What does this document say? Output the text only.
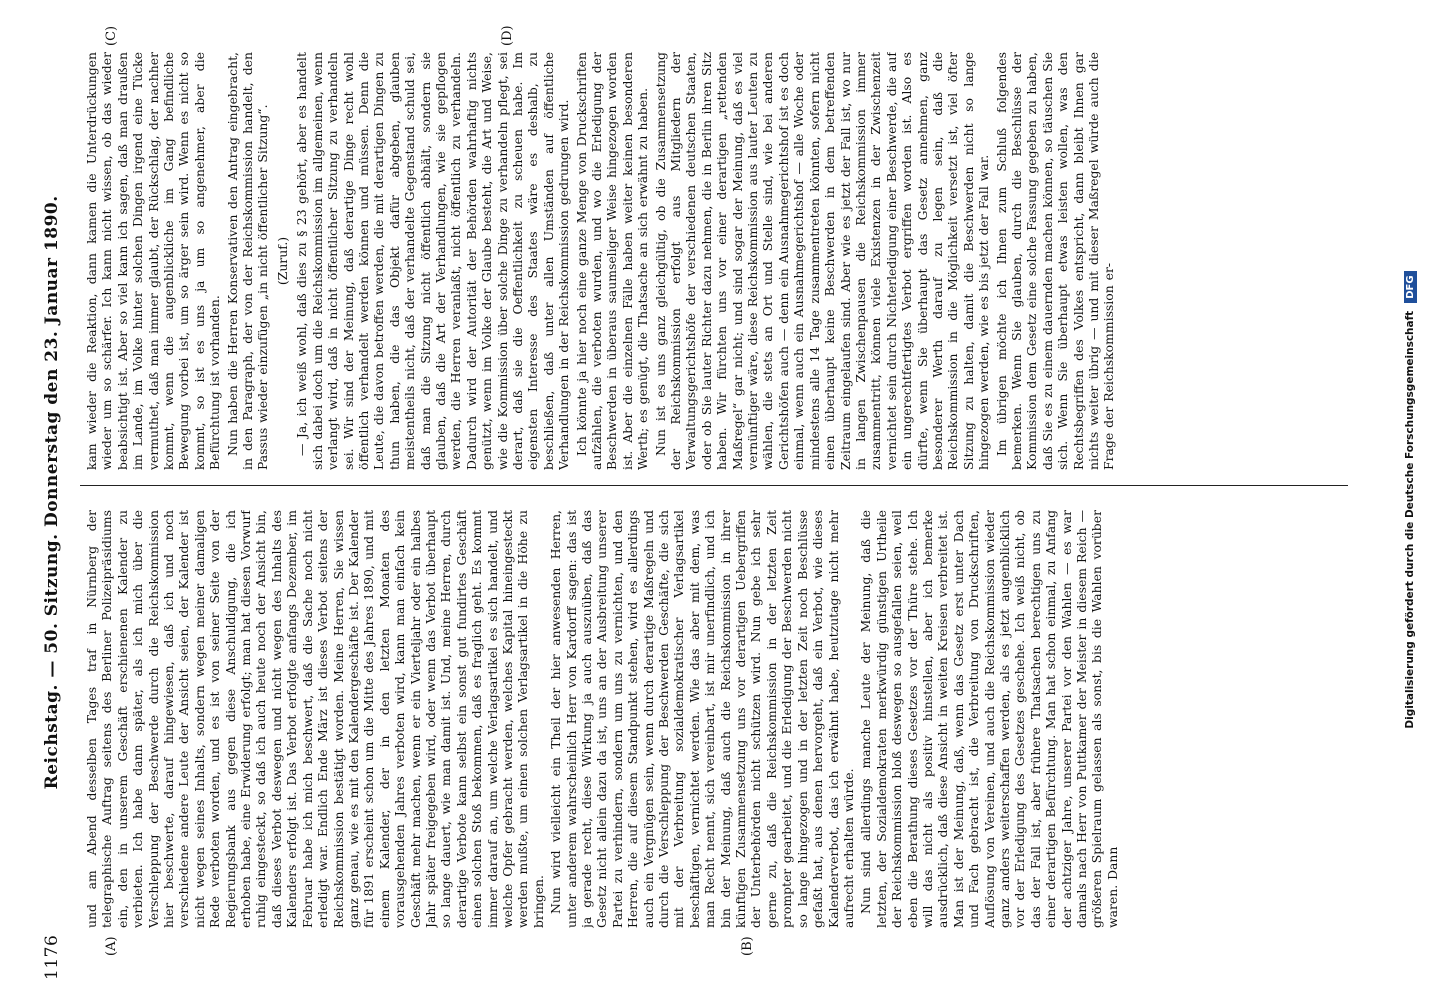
1176
Reichstag. — 50. Sitzung. Donnerstag den 23. Januar 1890.
(A)	(B)
(C)	(D)

und am Abend desselben Tages traf in Nürnberg der telegraphische Auftrag seitens des Berliner Polizeipräsidiums ein, den in unserem Geschäft erschienenen Kalender zu verbieten. Ich habe dann später, als ich mich über die Verschleppung der Beschwerde durch die Reichskommission hier beschwerte, darauf hingewiesen, daß ich und noch verschiedene andere Leute der Ansicht seien, der Kalender ist nicht wegen seines Inhalts, sondern wegen meiner damaligen Rede verboten worden, und es ist von seiner Seite von der Regierungsbank aus gegen diese Anschuldigung, die ich erhoben habe, eine Erwiderung erfolgt; man hat diesen Vorwurf ruhig eingesteckt, so daß ich auch heute noch der Ansicht bin, daß dieses Verbot deswegen und nicht wegen des Inhalts des Kalenders erfolgt ist. Das Verbot erfolgte anfangs Dezember, im Februar habe ich mich beschwert, daß die Sache noch nicht erledigt war. Endlich Ende März ist dieses Verbot seitens der Reichskommission bestätigt worden. Meine Herren, Sie wissen ganz genau, wie es mit den Kalendergeschäfte ist. Der Kalender für 1891 erscheint schon um die Mitte des Jahres 1890, und mit einem Kalender, der in den letzten Monaten des vorausgehenden Jahres verboten wird, kann man einfach kein Geschäft mehr machen, wenn er ein Vierteljahr oder ein halbes Jahr später freigegeben wird, oder wenn das Verbot überhaupt so lange dauert, wie man damit ist. Und, meine Herren, durch derartige Verbote kann selbst ein sonst gut fundirtes Geschäft einen solchen Stoß bekommen, daß es fraglich geht. Es kommt immer darauf an, um welche Verlagsartikel es sich handelt, und welche Opfer gebracht werden, welches Kapital hineingesteckt werden mußte, um einen solchen Verlagsartikel in die Höhe zu bringen. Nun wird vielleicht ein Theil der hier anwesenden Herren, unter anderem wahrscheinlich Herr von Kardorff sagen: das ist ja gerade recht, diese Wirkung ja auch auszuüben, daß das Gesetz nicht allein dazu da ist, uns an der Ausbreitung unserer Partei zu verhindern, sondern um uns zu vernichten, und den Herren, die auf diesem Standpunkt stehen, wird es allerdings auch ein Vergnügen sein, wenn durch derartige Maßregeln und durch die Verschleppung der Beschwerden Geschäfte, die sich mit der Verbreitung sozialdemokratischer Verlagsartikel beschäftigen, vernichtet werden. Wie das aber mit dem, was man Recht nennt, sich vereinbart, ist mir unerfindlich, und ich bin der Meinung, daß auch die Reichskommission in ihrer künftigen Zusammensetzung uns vor derartigen Uebergriffen der Unterbehörden nicht schützen wird. Nun gebe ich sehr gerne zu, daß die Reichskommission in der letzten Zeit prompter gearbeitet, und die Erledigung der Beschwerden nicht so lange hingezogen und in der letzten Zeit noch Beschlüsse gefaßt hat, aus denen hervorgeht, daß ein Verbot, wie dieses Kalenderverbot, das ich erwähnt habe, heutzutage nicht mehr aufrecht erhalten würde. Nun sind allerdings manche Leute der Meinung, daß die letzten, der Sozialdemokraten merkwürdig günstigen Urtheile der Reichskommission bloß deswegen so ausgefallen seien, weil eben die Berathung dieses Gesetzes vor der Thüre stehe. Ich will das nicht als positiv hinstellen, aber ich bemerke ausdrücklich, daß diese Ansicht in weiten Kreisen verbreitet ist. Man ist der Meinung, daß, wenn das Gesetz erst unter Dach und Fach gebracht ist, die Verbreitung von Druckschriften, Auflösung von Vereinen, und auch die Reichskommission wieder ganz anders weiterschaffen werden, als es jetzt augenblicklich vor der Erledigung des Gesetzes geschehe. Ich weiß nicht, ob das der Fall ist, aber frühere Thatsachen berechtigen uns zu einer derartigen Befürchtung. Man hat schon einmal, zu Anfang der achtziger Jahre, unserer Partei vor den Wahlen — es war damals nach Herr von Puttkamer der Meister in diesem Reich — größeren Spielraum gelassen als sonst, bis die Wahlen vorüber waren. Dann

kam wieder die Reaktion, dann kamen die Unterdrückungen wieder um so schärfer. Ich kann nicht wissen, ob das wieder beabsichtigt ist. Aber so viel kann ich sagen, daß man draußen im Lande, im Volke hinter solchen Dingen irgend eine Tücke vermuthet, daß man immer glaubt, der Rückschlag, der nachher kommt, wenn die augenblickliche im Gang befindliche Bewegung vorbei ist, um so ärger sein wird. Wenn es nicht so kommt, so ist es uns ja um so angenehmer, aber die Befürchtung ist vorhanden. Nun haben die Herren Konservativen den Antrag eingebracht, in den Paragraph, der von der Reichskommission handelt, den Passus wieder einzufügen „in nicht öffentlicher Sitzung“. (Zuruf.) — Ja, ich weiß wohl, daß dies zu § 23 gehört, aber es handelt sich dabei doch um die Reichskommission im allgemeinen, wenn verlangt wird, daß in nicht öffentlicher Sitzung zu verhandeln sei. Wir sind der Meinung, daß derartige Dinge recht wohl öffentlich verhandelt werden können und müssen. Denn die Leute, die davon betroffen werden, die mit derartigen Dingen zu thun haben, die das Objekt dafür abgeben, glauben meistentheils nicht, daß der verhandelte Gegenstand schuld sei, daß man die Sitzung nicht öffentlich abhält, sondern sie glauben, daß die Art der Verhandlungen, wie sie gepflogen werden, die Herren veranlaßt, nicht öffentlich zu verhandeln. Dadurch wird der Autorität der Behörden wahrhaftig nichts genützt, wenn im Volke der Glaube besteht, die Art und Weise, wie die Kommission über solche Dinge zu verhandeln pflegt, sei derart, daß sie die Oeffentlichkeit zu scheuen habe. Im eigensten Interesse des Staates wäre es deshalb, zu beschließen, daß unter allen Umständen auf öffentliche Verhandlungen in der Reichskommission gedrungen wird. Ich könnte ja hier noch eine ganze Menge von Druckschriften aufzählen, die verboten wurden, und wo die Erledigung der Beschwerden in überaus saumseliger Weise hingezogen worden ist. Aber die einzelnen Fälle haben weiter keinen besonderen Werth; es genügt, die Thatsache an sich erwähnt zu haben. Nun ist es uns ganz gleichgültig, ob die Zusammensetzung der Reichskommission erfolgt aus Mitgliedern der Verwaltungsgerichtshöfe der verschiedenen deutschen Staaten, oder ob Sie lauter Richter dazu nehmen, die in Berlin ihren Sitz haben. Wir fürchten uns vor einer derartigen „rettenden Maßregel“ gar nicht; und sind sogar der Meinung, daß es viel vernünftiger wäre, diese Reichskommission aus lauter Leuten zu wählen, die stets an Ort und Stelle sind, wie bei anderen Gerichtshöfen auch — denn ein Ausnahmegerichtshof ist es doch einmal, wenn auch ein Ausnahmegerichtshof — alle Woche oder mindestens alle 14 Tage zusammentreten könnten, sofern nicht einen überhaupt keine Beschwerden in dem betreffenden Zeitraum eingelaufen sind. Aber wie es jetzt der Fall ist, wo nur in langen Zwischenpausen die Reichskommission immer zusammentritt, können viele Existenzen in der Zwischenzeit vernichtet sein durch Nichterledigung einer Beschwerde, die auf ein ungerechtfertigtes Verbot ergriffen worden ist. Also es dürfte, wenn Sie überhaupt das Gesetz annehmen, ganz besonderer Werth darauf zu legen sein, daß die Reichskommission in die Möglichkeit versetzt ist, viel öfter Sitzung zu halten, damit die Beschwerden nicht so lange hingezogen werden, wie es bis jetzt der Fall war. Im übrigen möchte ich Ihnen zum Schluß folgendes bemerken. Wenn Sie glauben, durch die Beschlüsse der Kommission dem Gesetz eine solche Fassung gegeben zu haben, daß Sie es zu einem dauernden machen können, so täuschen Sie sich. Wenn Sie überhaupt etwas leisten wollen, was den Rechtsbegriffen des Volkes entspricht, dann bleibt Ihnen gar nichts weiter übrig — und mit dieser Maßregel würde auch die Frage der Reichskommission er-	Digitalisierung gefördert durch die Deutsche Forschungsgemeinschaft
DFG
